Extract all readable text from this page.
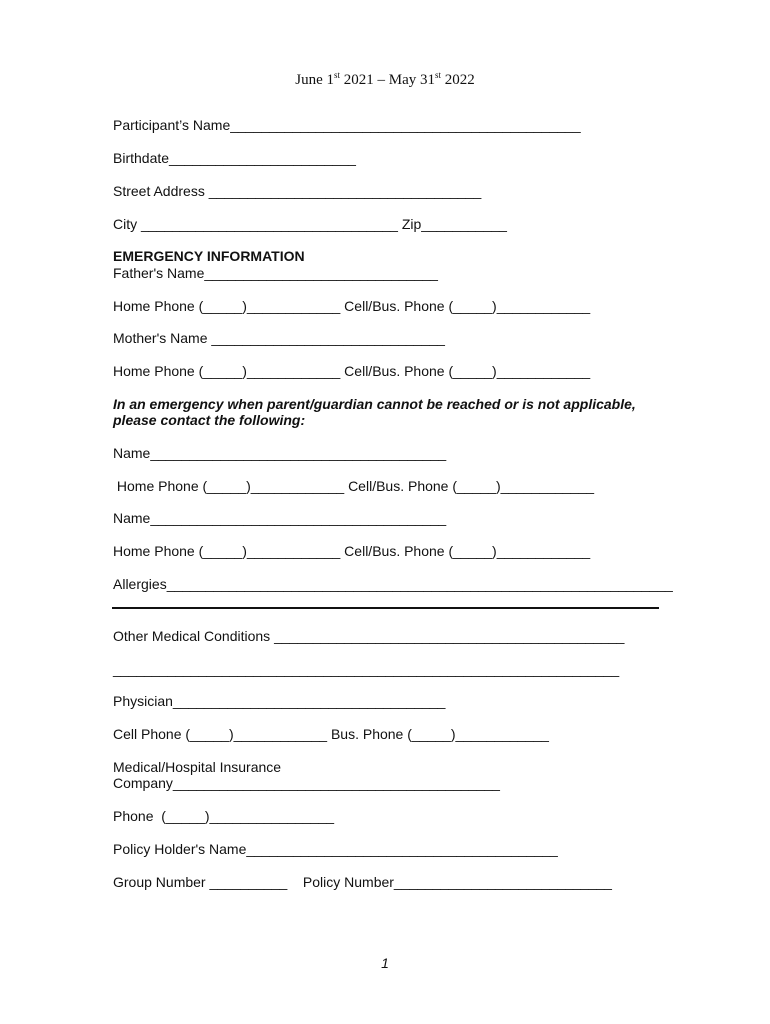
June 1st 2021 – May 31st 2022
Participant’s Name_____________________________________________
Birthdate________________________
Street Address ___________________________________
City _________________________________ Zip___________
EMERGENCY INFORMATION
Father's Name______________________________
Home Phone (_____)____________ Cell/Bus. Phone (_____)____________
Mother's Name ______________________________
Home Phone (_____)____________ Cell/Bus. Phone (_____)____________
In an emergency when parent/guardian cannot be reached or is not applicable,
please contact the following:
Name______________________________________
Home Phone (_____)____________ Cell/Bus. Phone (_____)____________
Name______________________________________
Home Phone (_____)____________ Cell/Bus. Phone (_____)____________
Allergies_________________________________________________________________
Other Medical Conditions _____________________________________________
_________________________________________________________________
Physician___________________________________
Cell Phone (_____)____________ Bus. Phone (_____)____________
Medical/Hospital Insurance
Company__________________________________________
Phone  (_____)________________
Policy Holder's Name________________________________________
Group Number __________    Policy Number____________________________
1
